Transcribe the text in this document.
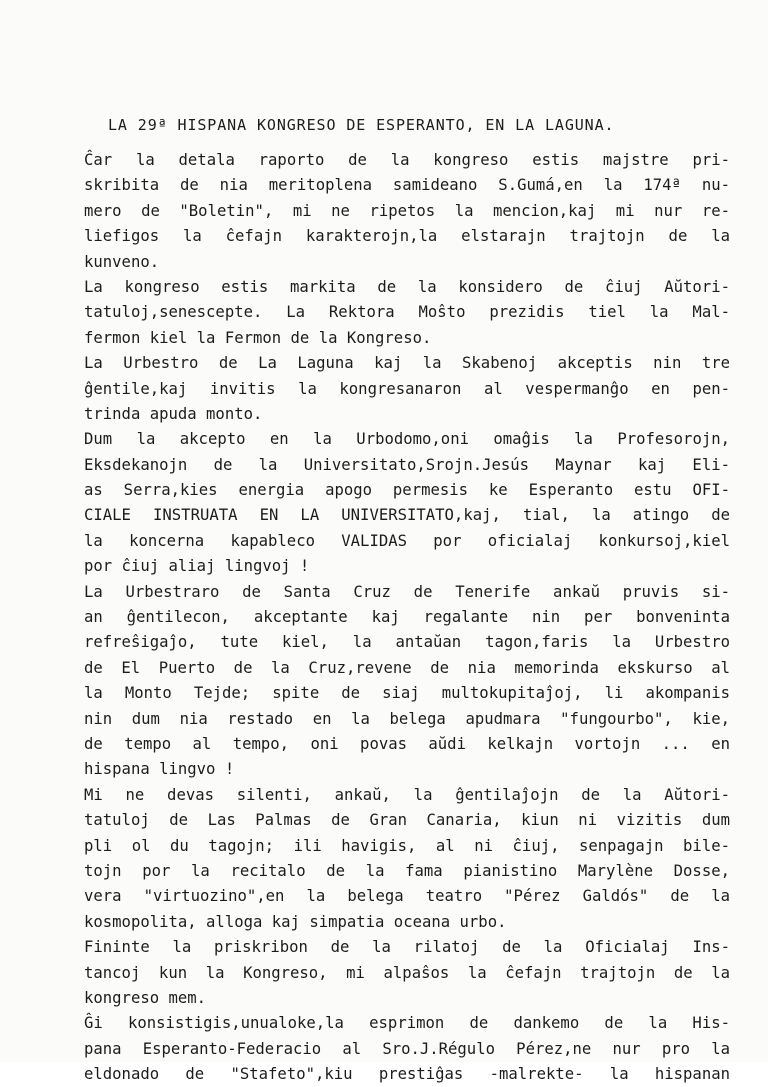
LA 29ª HISPANA KONGRESO DE ESPERANTO, EN LA LAGUNA.
Ĉar la detala raporto de la kongreso estis majstre pri-
skribita de nia meritoplena samideano S.Gumá,en la 174ª nu-
mero de "Boletin", mi ne ripetos la mencion,kaj mi nur re-
liefigos la ĉefajn karakterojn,la elstarajn trajtojn de la
kunveno.
La kongreso estis markita de la konsidero de ĉiuj Aŭtori-
tatuloj,senescepte. La Rektora Moŝto prezidis tiel la Mal-
fermon kiel la Fermon de la Kongreso.
La Urbestro de La Laguna kaj la Skabenoj akceptis nin tre
ĝentile,kaj invitis la kongresanaron al vespermanĝo en pen-
trinda apuda monto.
Dum la akcepto en la Urbodomo,oni omaĝis la Profesorojn,
Eksdekanojn de la Universitato,Srojn.Jesús Maynar kaj Eli-
as Serra,kies energia apogo permesis ke Esperanto estu OFI-
CIALE INSTRUATA EN LA UNIVERSITATO,kaj, tial, la atingo de
la koncerna kapableco VALIDAS por oficialaj konkursoj,kiel
por ĉiuj aliaj lingvoj !
La Urbestraro de Santa Cruz de Tenerife ankaŭ pruvis si-
an ĝentilecon, akceptante kaj regalante nin per bonveninta
refreŝigaĵo, tute kiel, la antaŭan tagon,faris la Urbestro
de El Puerto de la Cruz,revene de nia memorinda ekskurso al
la Monto Tejde; spite de siaj multokupitaĵoj, li akompanis
nin dum nia restado en la belega apudmara "fungourbo", kie,
de tempo al tempo, oni povas aŭdi kelkajn vortojn ... en
hispana lingvo !
Mi ne devas silenti, ankaŭ, la ĝentilaĵojn de la Aŭtori-
tatuloj de Las Palmas de Gran Canaria, kiun ni vizitis dum
pli ol du tagojn; ili havigis, al ni ĉiuj, senpagajn bile-
tojn por la recitalo de la fama pianistino Marylène Dosse,
vera "virtuozino",en la belega teatro "Pérez Galdós" de la
kosmopolita, alloga kaj simpatia oceana urbo.
Fininte la priskribon de la rilatoj de la Oficialaj Ins-
tancoj kun la Kongreso, mi alpaŝos la ĉefajn trajtojn de la
kongreso mem.
Ĝi konsistigis,unualoke,la esprimon de dankemo de la His-
pana Esperanto-Federacio al Sro.J.Régulo Pérez,ne nur pro la
eldonado de "Stafeto",kiu prestiĝas -malrekte- la hispanan
